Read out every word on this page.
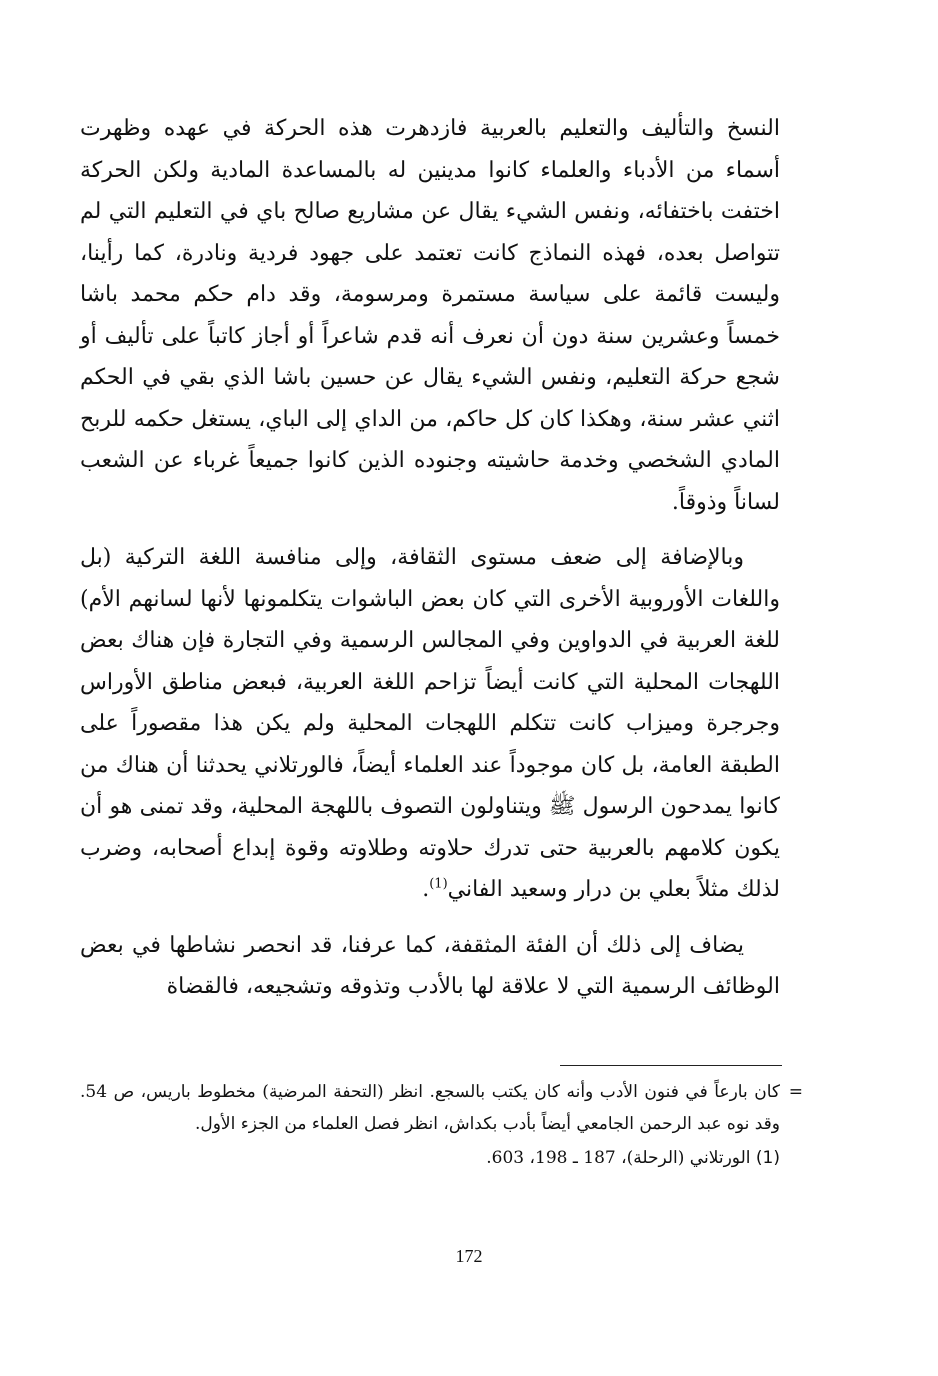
النسخ والتأليف والتعليم بالعربية فازدهرت هذه الحركة في عهده وظهرت أسماء من الأدباء والعلماء كانوا مدينين له بالمساعدة المادية ولكن الحركة اختفت باختفائه، ونفس الشيء يقال عن مشاريع صالح باي في التعليم التي لم تتواصل بعده، فهذه النماذج كانت تعتمد على جهود فردية ونادرة، كما رأينا، وليست قائمة على سياسة مستمرة ومرسومة، وقد دام حكم محمد باشا خمساً وعشرين سنة دون أن نعرف أنه قدم شاعراً أو أجاز كاتباً على تأليف أو شجع حركة التعليم، ونفس الشيء يقال عن حسين باشا الذي بقي في الحكم اثني عشر سنة، وهكذا كان كل حاكم، من الداي إلى الباي، يستغل حكمه للربح المادي الشخصي وخدمة حاشيته وجنوده الذين كانوا جميعاً غرباء عن الشعب لساناً وذوقاً.

وبالإضافة إلى ضعف مستوى الثقافة، وإلى منافسة اللغة التركية (بل واللغات الأوروبية الأخرى التي كان بعض الباشوات يتكلمونها لأنها لسانهم الأم) للغة العربية في الدواوين وفي المجالس الرسمية وفي التجارة فإن هناك بعض اللهجات المحلية التي كانت أيضاً تزاحم اللغة العربية، فبعض مناطق الأوراس وجرجرة وميزاب كانت تتكلم اللهجات المحلية ولم يكن هذا مقصوراً على الطبقة العامة، بل كان موجوداً عند العلماء أيضاً، فالورتلاني يحدثنا أن هناك من كانوا يمدحون الرسول ﷺ ويتناولون التصوف باللهجة المحلية، وقد تمنى هو أن يكون كلامهم بالعربية حتى تدرك حلاوته وطلاوته وقوة إبداع أصحابه، وضرب لذلك مثلاً بعلي بن درار وسعيد الفاني$^{(1)}$.

يضاف إلى ذلك أن الفئة المثقفة، كما عرفنا، قد انحصر نشاطها في بعض الوظائف الرسمية التي لا علاقة لها بالأدب وتذوقه وتشجيعه، فالقضاة

=
كان بارعاً في فنون الأدب وأنه كان يكتب بالسجع. انظر (التحفة المرضية) مخطوط باريس، ص 54. وقد نوه عبد الرحمن الجامعي أيضاً بأدب بكداش، انظر فصل العلماء من الجزء الأول.

(1) الورتلاني (الرحلة)، 187 ـ 198، 603.

172
